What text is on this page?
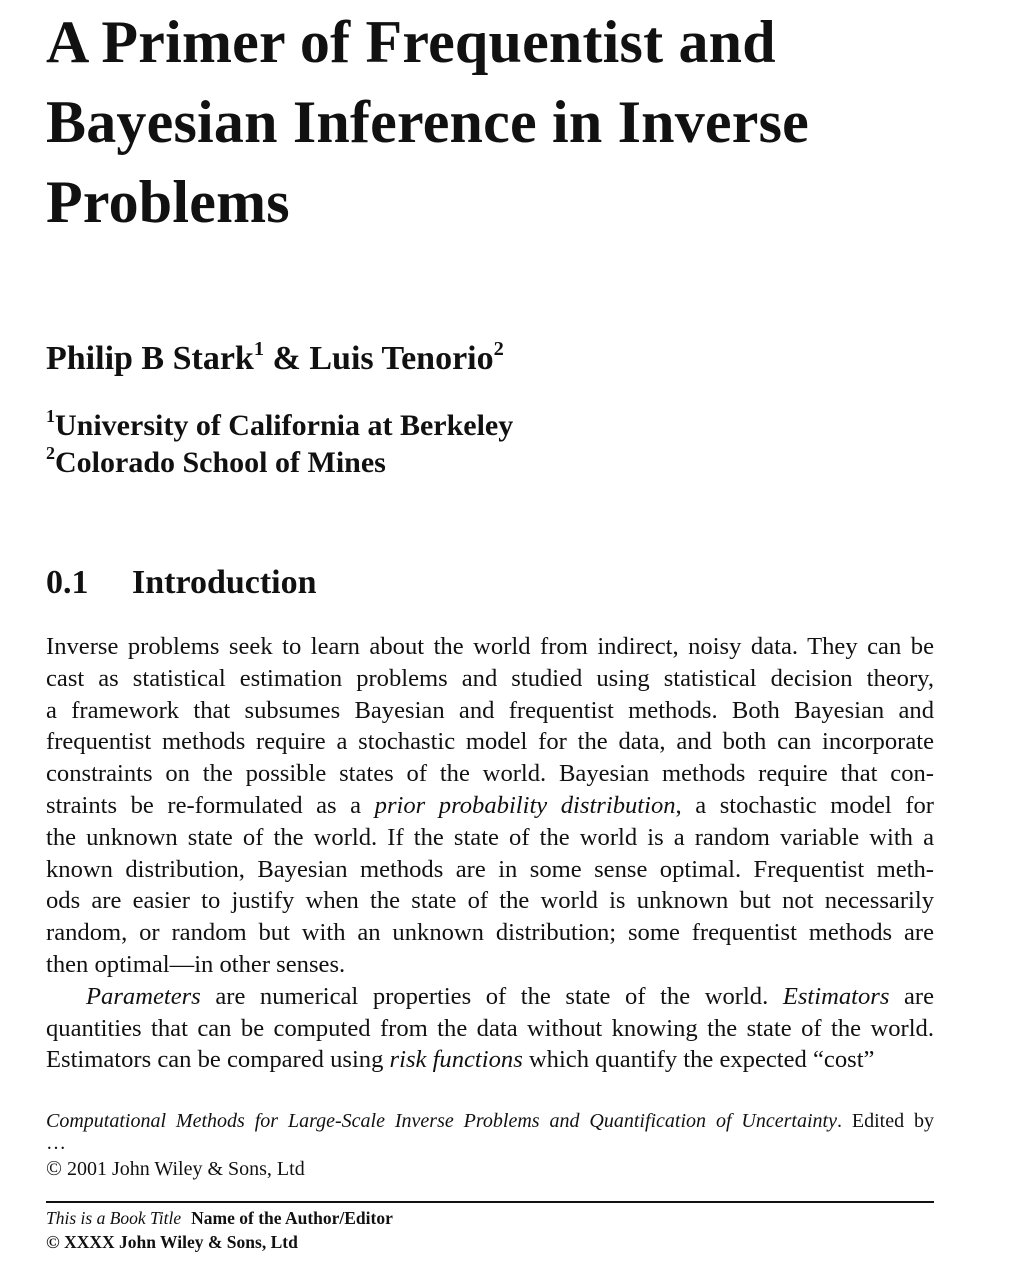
A Primer of Frequentist and Bayesian Inference in Inverse Problems

Philip B Stark$^1$ & Luis Tenorio$^2$

$^1$University of California at Berkeley

$^2$Colorado School of Mines

0.1 Introduction
Inverse problems seek to learn about the world from indirect, noisy data. They can be
cast as statistical estimation problems and studied using statistical decision theory,
a framework that subsumes Bayesian and frequentist methods. Both Bayesian and
frequentist methods require a stochastic model for the data, and both can incorporate
constraints on the possible states of the world. Bayesian methods require that con-
straints be re-formulated as a prior probability distribution, a stochastic model for
the unknown state of the world. If the state of the world is a random variable with a
known distribution, Bayesian methods are in some sense optimal. Frequentist meth-
ods are easier to justify when the state of the world is unknown but not necessarily
random, or random but with an unknown distribution; some frequentist methods are
then optimal—in other senses.
Parameters are numerical properties of the state of the world. Estimators are
quantities that can be computed from the data without knowing the state of the world.
Estimators can be compared using risk functions which quantify the expected “cost”
Computational Methods for Large-Scale Inverse Problems and Quantification of Uncertainty. Edited by
…
© 2001 John Wiley & Sons, Ltd
This is a Book Title Name of the Author/Editor
© XXXX John Wiley & Sons, Ltd
